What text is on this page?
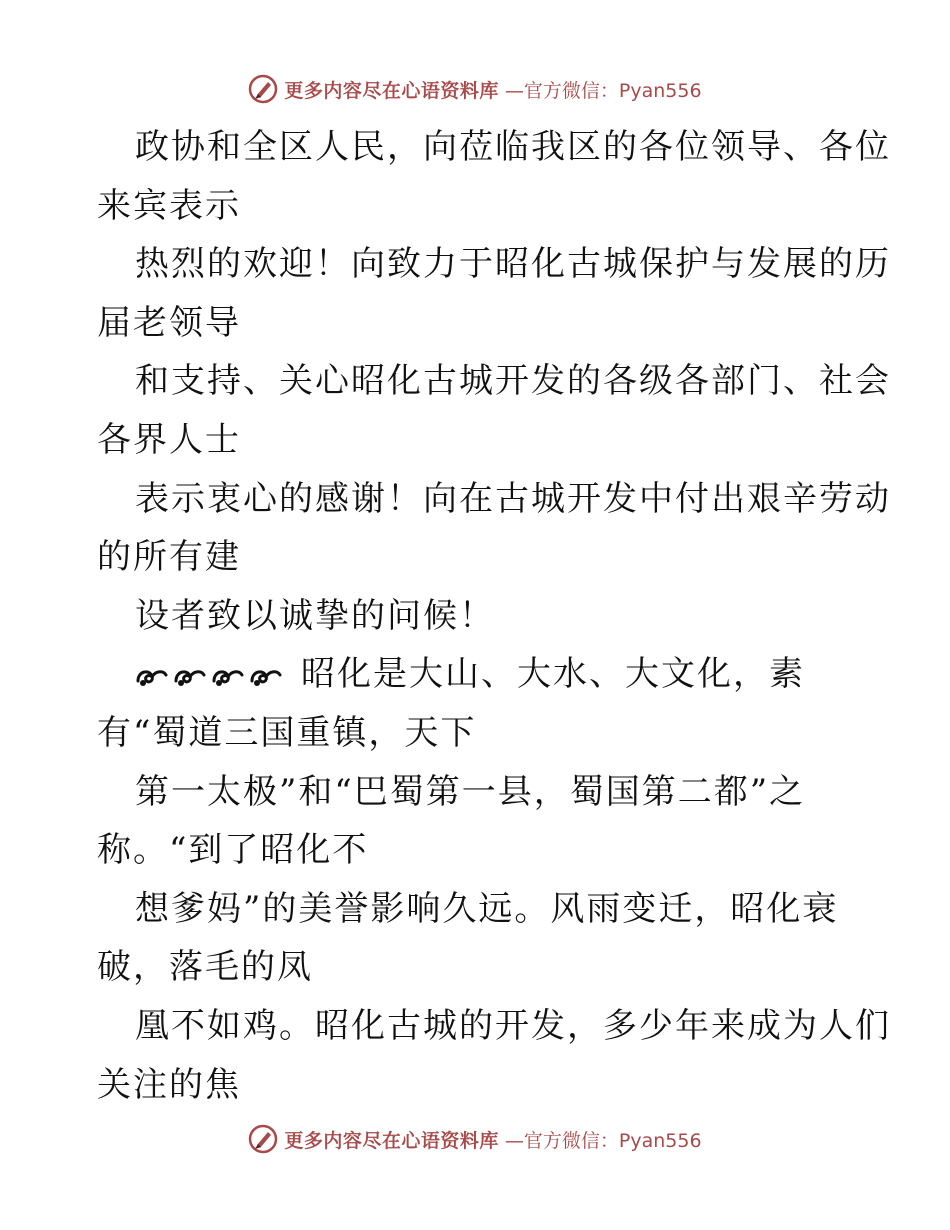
更多内容尽在心语资料库 —官方微信：Pyan556
政协和全区人民，向莅临我区的各位领导、各位
来宾表示
热烈的欢迎！向致力于昭化古城保护与发展的历
届老领导
和支持、关心昭化古城开发的各级各部门、社会
各界人士
表示衷心的感谢！向在古城开发中付出艰辛劳动
的所有建
设者致以诚挚的问候！
昭化是大山、大水、大文化，素
有“蜀道三国重镇，天下
第一太极”和“巴蜀第一县，蜀国第二都”之
称。“到了昭化不
想爹妈”的美誉影响久远。风雨变迁，昭化衰
破，落毛的凤
凰不如鸡。昭化古城的开发，多少年来成为人们
关注的焦
更多内容尽在心语资料库 —官方微信：Pyan556
